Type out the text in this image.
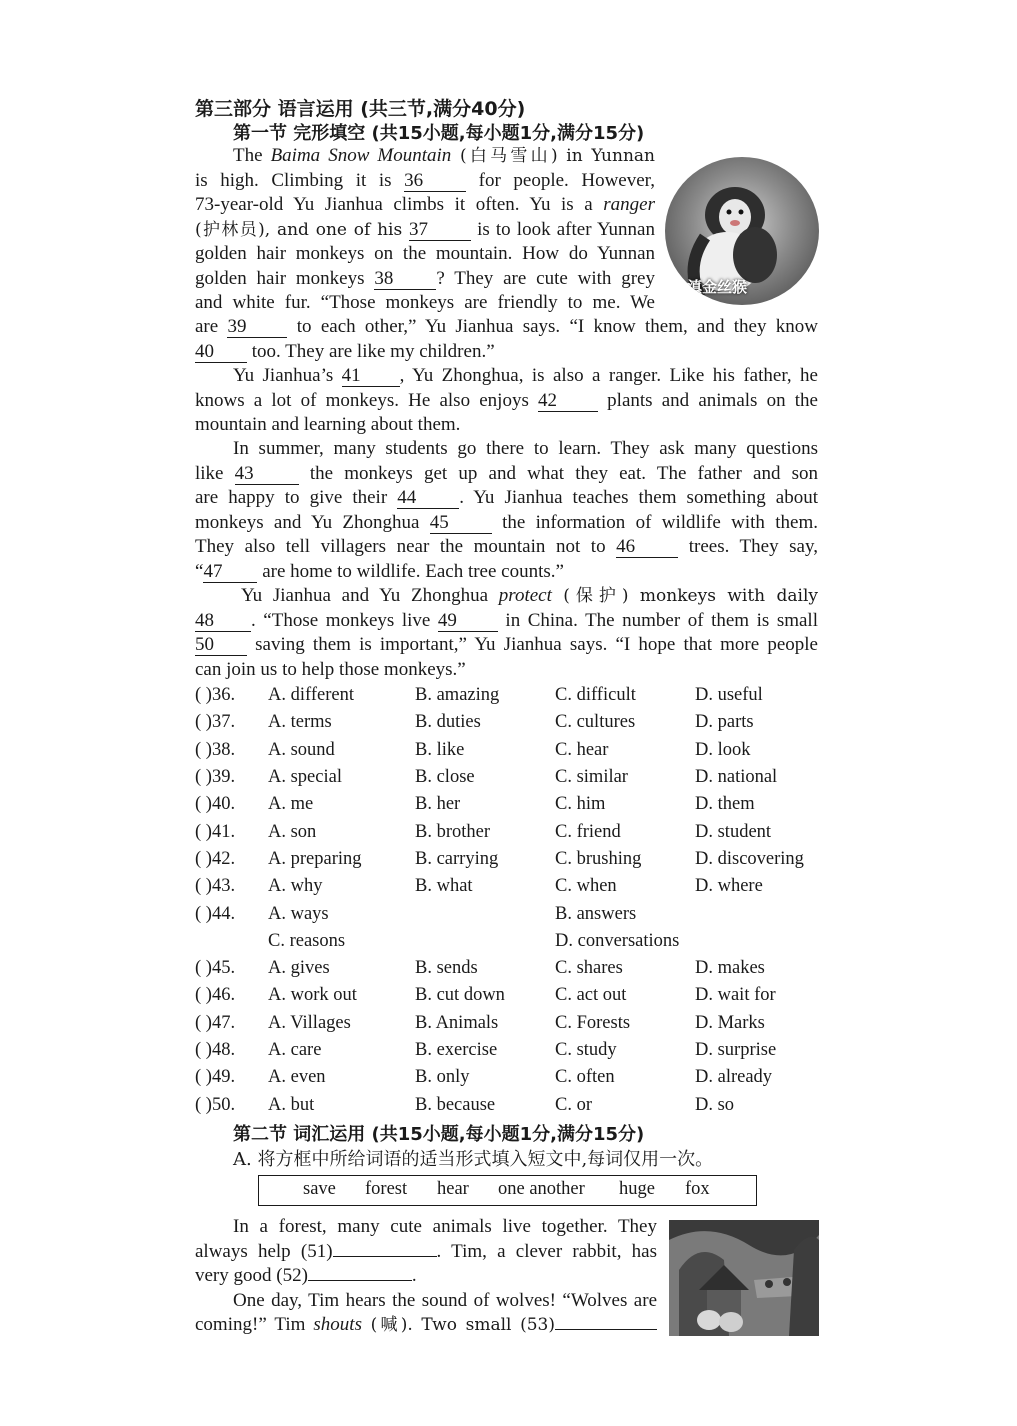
第三部分 语言运用 (共三节,满分40分)
第一节 完形填空 (共15小题,每小题1分,满分15分)
滇金丝猴
The Baima Snow Mountain (白马雪山) in Yunnan
is high. Climbing it is 36 for people. However,
73-year-old Yu Jianhua climbs it often. Yu is a ranger
(护林员), and one of his 37 is to look after Yunnan
golden hair monkeys on the mountain. How do Yunnan
golden hair monkeys 38 ? They are cute with grey
and white fur. “Those monkeys are friendly to me. We
are 39 to each other,” Yu Jianhua says. “I know them, and they know
40 too. They are like my children.”
Yu Jianhua’s 41 , Yu Zhonghua, is also a ranger. Like his father, he
knows a lot of monkeys. He also enjoys 42 plants and animals on the
mountain and learning about them.
In summer, many students go there to learn. They ask many questions
like 43 the monkeys get up and what they eat. The father and son
are happy to give their 44 . Yu Jianhua teaches them something about
monkeys and Yu Zhonghua 45 the information of wildlife with them.
They also tell villagers near the mountain not to 46 trees. They say,
“47 are home to wildlife. Each tree counts.”
Yu Jianhua and Yu Zhonghua protect (保护) monkeys with daily
48 . “Those monkeys live 49 in China. The number of them is small
50 saving them is important,” Yu Jianhua says. “I hope that more people
can join us to help those monkeys.”
( )36. A. different	B. amazing	C. difficult	D. useful
( )37. A. terms	B. duties	C. cultures	D. parts
( )38. A. sound	B. like	C. hear	D. look
( )39. A. special	B. close	C. similar	D. national
( )40. A. me	B. her	C. him	D. them
( )41. A. son	B. brother	C. friend	D. student
( )42. A. preparing	B. carrying	C. brushing	D. discovering
( )43. A. why	B. what	C. when	D. where
( )44. A. ways	B. answers
C. reasons	D. conversations
( )45. A. gives	B. sends	C. shares	D. makes
( )46. A. work out	B. cut down	C. act out	D. wait for
( )47. A. Villages	B. Animals	C. Forests	D. Marks
( )48. A. care	B. exercise	C. study	D. surprise
( )49. A. even	B. only	C. often	D. already
( )50. A. but	B. because	C. or	D. so
第二节 词汇运用 (共15小题,每小题1分,满分15分)
A. 将方框中所给词语的适当形式填入短文中,每词仅用一次。
save forest hear one another huge fox
In a forest, many cute animals live together. They
always help (51)	. Tim, a clever rabbit, has
very good (52)	.
One day, Tim hears the sound of wolves! “Wolves are
coming!” Tim shouts (喊). Two small (53)
